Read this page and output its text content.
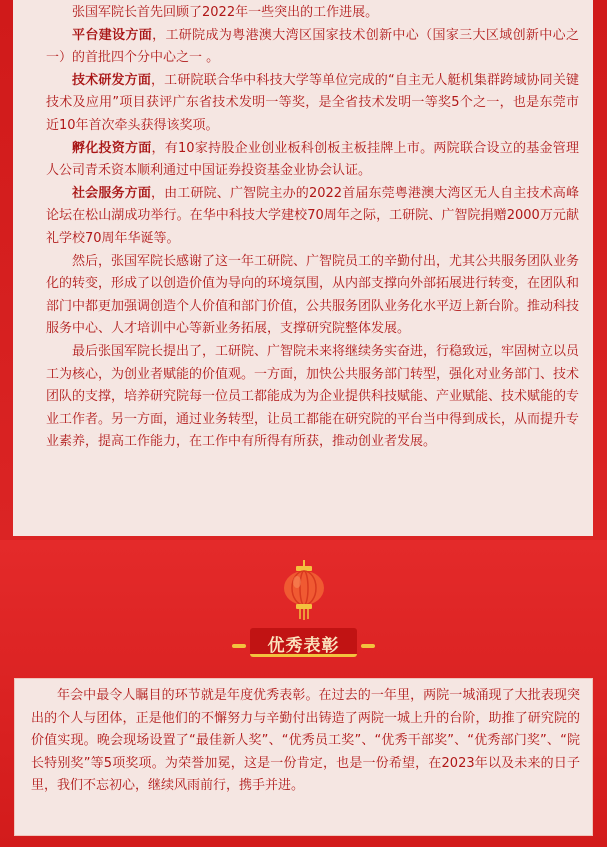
张国军院长首先回顾了2022年一些突出的工作进展。

平台建设方面，工研院成为粤港澳大湾区国家技术创新中心（国家三大区域创新中心之一）的首批四个分中心之一 。

技术研发方面，工研院联合华中科技大学等单位完成的“自主无人艇机集群跨域协同关键技术及应用”项目获评广东省技术发明一等奖，是全省技术发明一等奖5个之一，也是东莞市近10年首次牵头获得该奖项。

孵化投资方面，有10家持股企业创业板科创板主板挂牌上市。两院联合设立的基金管理人公司青禾资本顺利通过中国证券投资基金业协会认证。

社会服务方面，由工研院、广智院主办的2022首届东莞粤港澳大湾区无人自主技术高峰论坛在松山湖成功举行。在华中科技大学建校70周年之际，工研院、广智院捐赠2000万元献礼学校70周年华诞等。

然后，张国军院长感谢了这一年工研院、广智院员工的辛勤付出，尤其公共服务团队业务化的转变，形成了以创造价值为导向的环境氛围，从内部支撑向外部拓展进行转变，在团队和部门中都更加强调创造个人价值和部门价值，公共服务团队业务化水平迈上新台阶。推动科技服务中心、人才培训中心等新业务拓展，支撑研究院整体发展。

最后张国军院长提出了，工研院、广智院未来将继续务实奋进，行稳致远，牢固树立以员工为核心，为创业者赋能的价值观。一方面，加快公共服务部门转型，强化对业务部门、技术团队的支撑，培养研究院每一位员工都能成为为企业提供科技赋能、产业赋能、技术赋能的专业工作者。另一方面，通过业务转型，让员工都能在研究院的平台当中得到成长，从而提升专业素养，提高工作能力，在工作中有所得有所获，推动创业者发展。

优秀表彰

年会中最令人瞩目的环节就是年度优秀表彰。在过去的一年里，两院一城涌现了大批表现突出的个人与团体，正是他们的不懈努力与辛勤付出铸造了两院一城上升的台阶，助推了研究院的价值实现。晚会现场设置了“最佳新人奖”、“优秀员工奖”、“优秀干部奖”、“优秀部门奖”、“院长特别奖”等5项奖项。为荣誉加冕，这是一份肯定，也是一份希望，在2023年以及未来的日子里，我们不忘初心，继续风雨前行，携手并进。
